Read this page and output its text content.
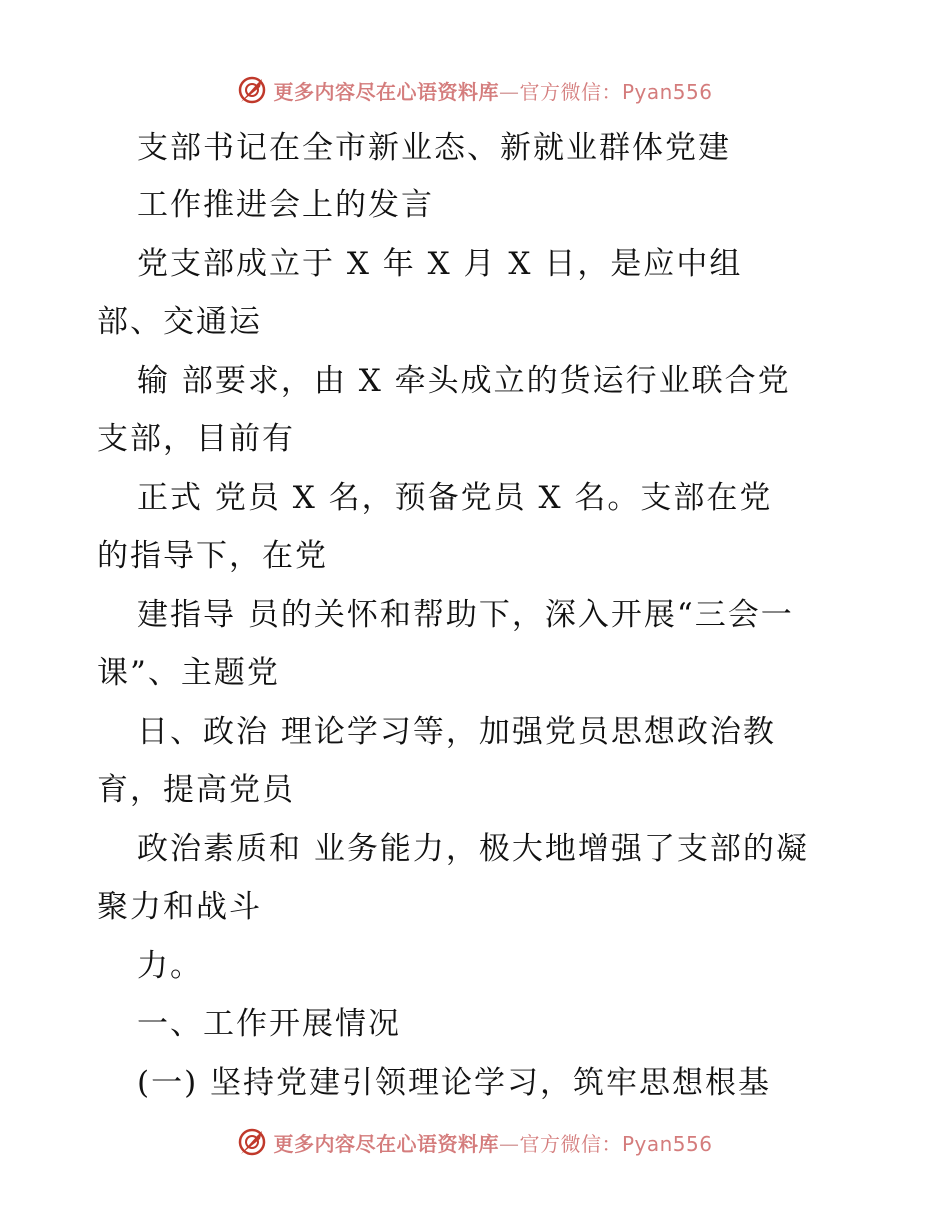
更多内容尽在心语资料库—官方微信：Pyan556

支部书记在全市新业态、新就业群体党建

工作推进会上的发言

党支部成立于 X 年 X 月 X 日，是应中组

部、交通运

输 部要求，由 X 牵头成立的货运行业联合党

支部，目前有

正式 党员 X 名，预备党员 X 名。支部在党

的指导下，在党

建指导 员的关怀和帮助下，深入开展“三会一

课”、主题党

日、政治 理论学习等，加强党员思想政治教

育，提高党员

政治素质和 业务能力，极大地增强了支部的凝

聚力和战斗

力。

一、工作开展情况

(一) 坚持党建引领理论学习，筑牢思想根基

更多内容尽在心语资料库—官方微信：Pyan556
